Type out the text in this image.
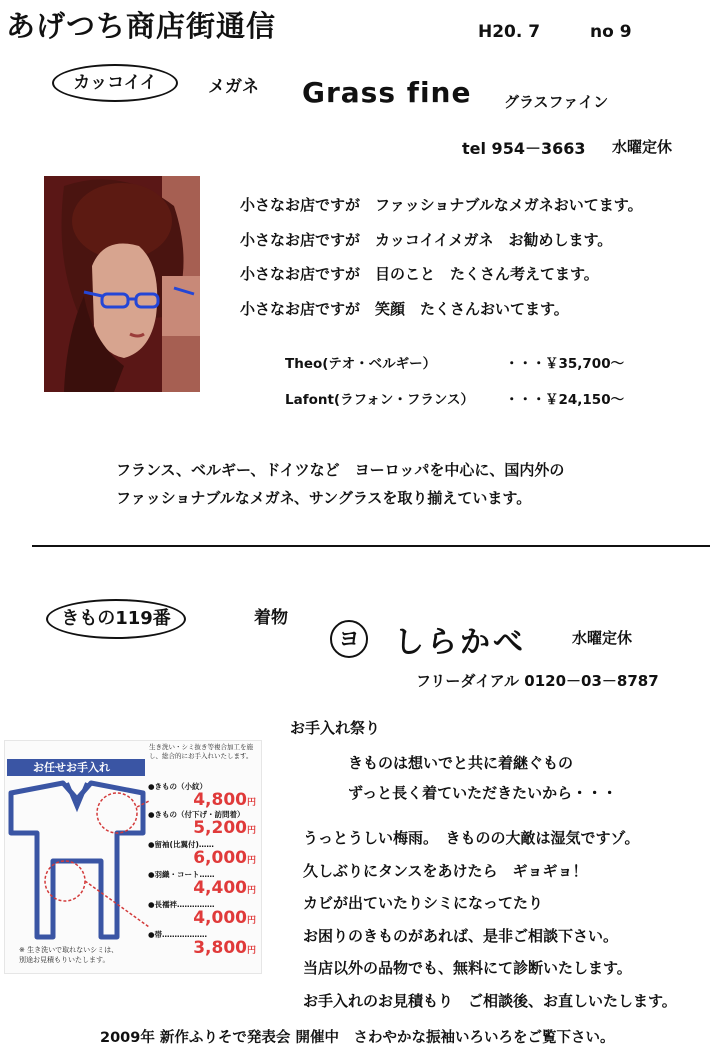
あげつち商店街通信	H20. 7	no 9
カッコイイ	メガネ Grass fine グラスファイン
tel 954－3663 水曜定休
小さなお店ですが　ファッショナブルなメガネおいてます。
小さなお店ですが　カッコイイメガネ　お勧めします。
小さなお店ですが　目のこと　たくさん考えてます。
小さなお店ですが　笑顔　たくさんおいてます。
Theo(テオ・ベルギー）	・・・ ￥35,700～
Lafont(ラフォン・フランス） ・・・ ￥24,150～
フランス、ベルギー、ドイツなど　ヨーロッパを中心に、国内外の
ファッショナブルなメガネ、サングラスを取り揃えています。
きもの119番	着物
ヨ しらかべ	水曜定休
フリーダイアル 0120－03－8787
お手入れ祭り
きものは想いでと共に着継ぐもの
ずっと長く着ていただきたいから・・・
うっとうしい梅雨。　きものの大敵は湿気ですゾ。
久しぶりにタンスをあけたら　ギョギョ！
カビが出ていたりシミになってたり
お困りのきものがあれば、是非ご相談下さい。
当店以外の品物でも、無料にて診断いたします。
お手入れのお見積もり　ご相談後、お直しいたします。
お任せお手入れ
生き洗い・シミ抜き等複合加工を施し、総合的にお手入れいたします。
●きもの（小紋）
4,800円
●きもの（付下げ・訪問着）
5,200円
●留袖(比翼付)……
6,000円
●羽織・コート……
4,400円
●長襦袢……………
4,000円
●帯………………
3,800円
※ 生き洗いで取れないシミは、
別途お見積もりいたします。
2009年 新作ふりそで発表会 開催中　さわやかな振袖いろいろをご覧下さい。
